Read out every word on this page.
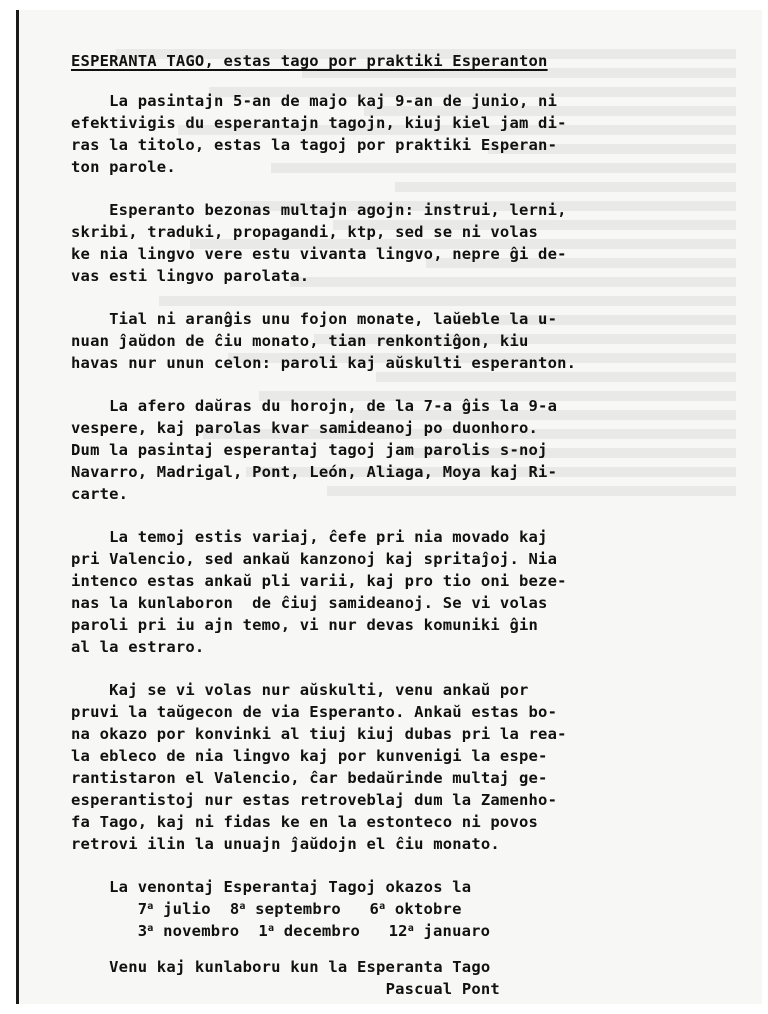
ESPERANTA TAGO, estas tago por praktiki Esperanton
La pasintajn 5-an de majo kaj 9-an de junio, ni
efektivigis du esperantajn tagojn, kiuj kiel jam di-
ras la titolo, estas la tagoj por praktiki Esperan-
ton parole.
Esperanto bezonas multajn agojn: instrui, lerni,
skribi, traduki, propagandi, ktp, sed se ni volas
ke nia lingvo vere estu vivanta lingvo, nepre ĝi de-
vas esti lingvo parolata.
Tial ni aranĝis unu fojon monate, laŭeble la u-
nuan ĵaŭdon de ĉiu monato, tian renkontiĝon, kiu
havas nur unun celon: paroli kaj aŭskulti esperanton.
La afero daŭras du horojn, de la 7-a ĝis la 9-a
vespere, kaj parolas kvar samideanoj po duonhoro.
Dum la pasintaj esperantaj tagoj jam parolis s-noj
Navarro, Madrigal, Pont, León, Aliaga, Moya kaj Ri-
carte.
La temoj estis variaj, ĉefe pri nia movado kaj
pri Valencio, sed ankaŭ kanzonoj kaj spritaĵoj. Nia
intenco estas ankaŭ pli varii, kaj pro tio oni beze-
nas la kunlaboron  de ĉiuj samideanoj. Se vi volas
paroli pri iu ajn temo, vi nur devas komuniki ĝin
al la estraro.
Kaj se vi volas nur aŭskulti, venu ankaŭ por
pruvi la taŭgecon de via Esperanto. Ankaŭ estas bo-
na okazo por konvinki al tiuj kiuj dubas pri la rea-
la ebleco de nia lingvo kaj por kunvenigi la espe-
rantistaron el Valencio, ĉar bedaŭrinde multaj ge-
esperantistoj nur estas retroveblaj dum la Zamenho-
fa Tago, kaj ni fidas ke en la estonteco ni povos
retrovi ilin la unuajn ĵaŭdojn el ĉiu monato.
La venontaj Esperantaj Tagoj okazos la
7$^a$ julio 8$^a$ septembro 6$^a$ oktobre
3$^a$ novembro 1$^a$ decembro 12$^a$ januaro
Venu kaj kunlaboru kun la Esperanta Tago
Pascual Pont
